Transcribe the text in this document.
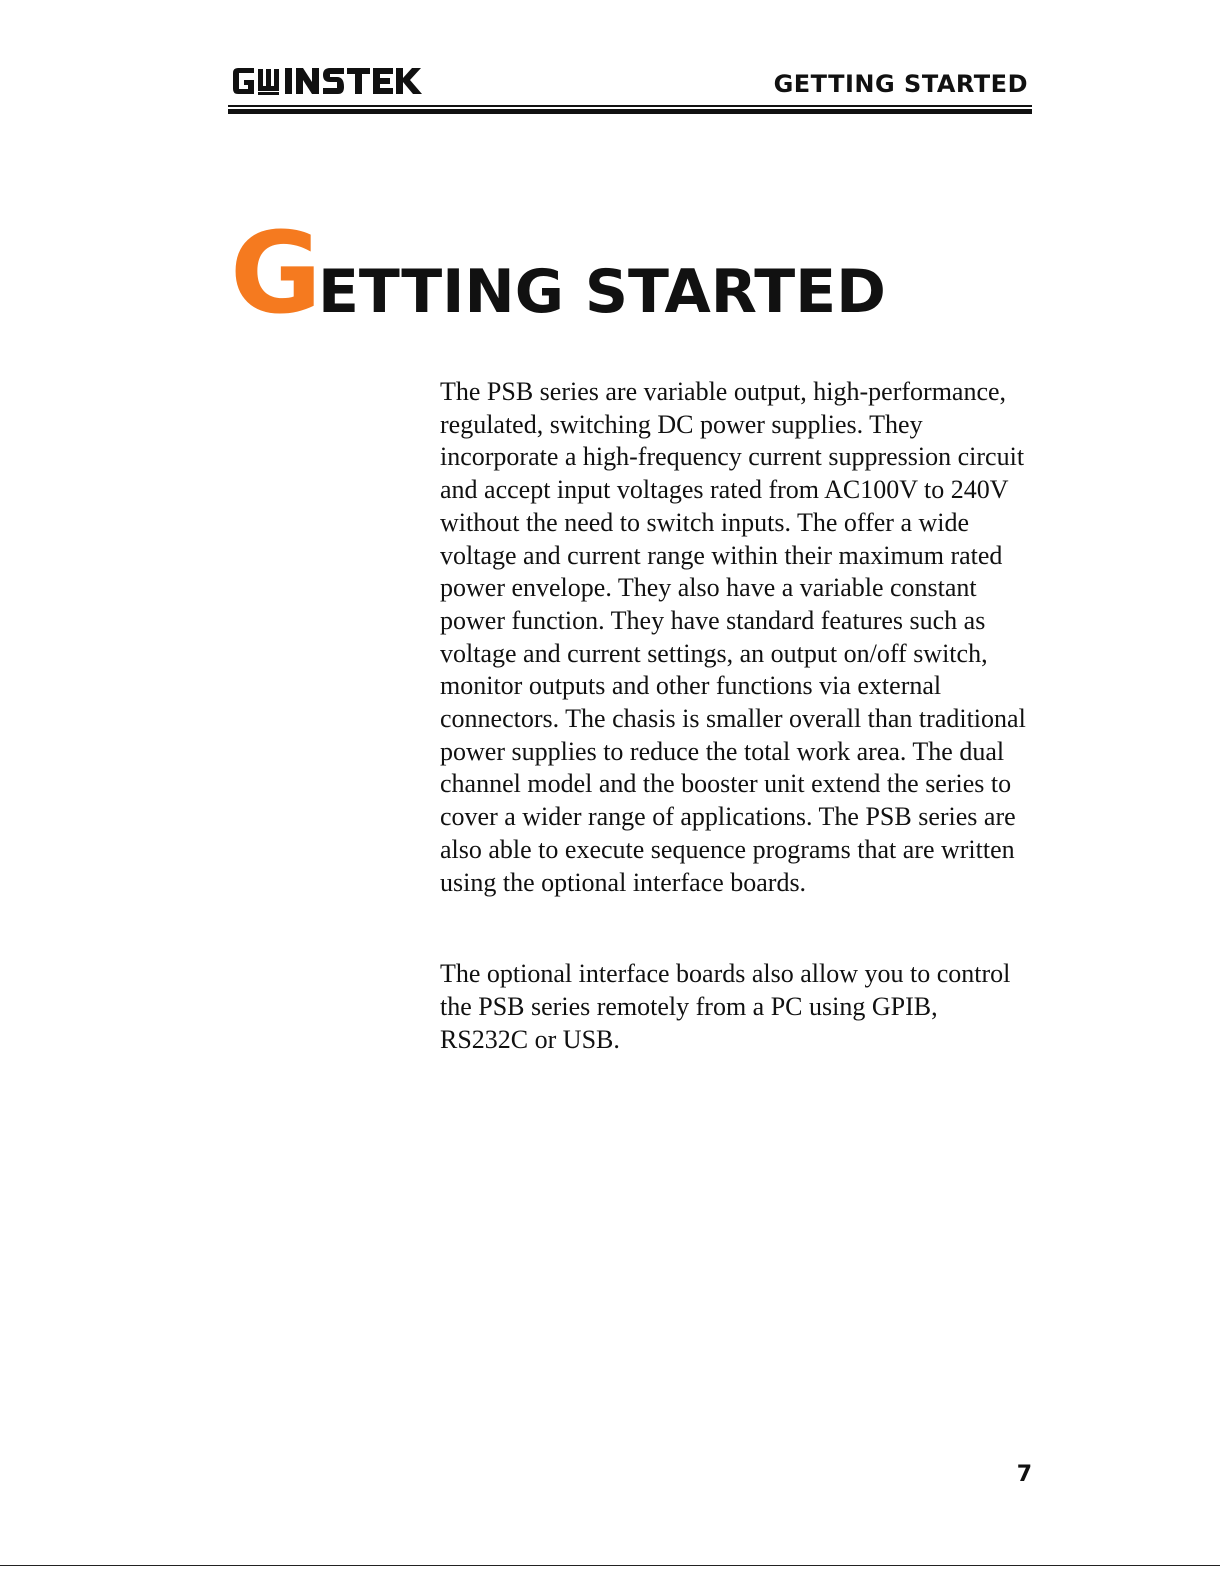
GETTING STARTED
GETTING STARTED

The PSB series are variable output, high-performance, regulated, switching DC power supplies. They incorporate a high-frequency current suppression circuit and accept input voltages rated from AC100V to 240V without the need to switch inputs. The offer a wide voltage and current range within their maximum rated power envelope. They also have a variable constant power function. They have standard features such as voltage and current settings, an output on/off switch, monitor outputs and other functions via external connectors. The chasis is smaller overall than traditional power supplies to reduce the total work area. The dual channel model and the booster unit extend the series to cover a wider range of applications. The PSB series are also able to execute sequence programs that are written using the optional interface boards.

The optional interface boards also allow you to control the PSB series remotely from a PC using GPIB, RS232C or USB.

7
